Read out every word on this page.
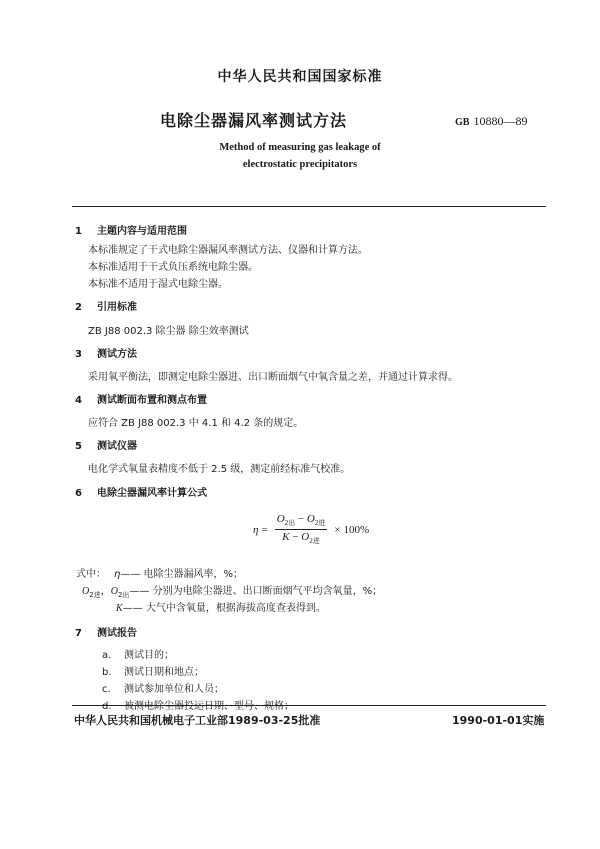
中华人民共和国国家标准
电除尘器漏风率测试方法	GB 10880—89
Method of measuring gas leakage of
electrostatic precipitators
1 主题内容与适用范围
本标准规定了干式电除尘器漏风率测试方法、仪器和计算方法。
本标准适用于干式负压系统电除尘器。
本标准不适用于湿式电除尘器。
2 引用标准
ZB J88 002.3 除尘器 除尘效率测试
3 测试方法
采用氧平衡法，即测定电除尘器进、出口断面烟气中氧含量之差，并通过计算求得。
4 测试断面布置和测点布置
应符合 ZB J88 002.3 中 4.1 和 4.2 条的规定。
5 测试仪器
电化学式氧量表精度不低于 2.5 级，测定前经标准气校准。
6 电除尘器漏风率计算公式
$\eta = \frac{O_{2出} - O_{2进}}{K - O_{2进}} \times 100\%$
式中： η—— 电除尘器漏风率，%；
$O_{2进}$，$O_{2出}——$ 分别为电除尘器进、出口断面烟气平均含氧量，%；
K—— 大气中含氧量，根据海拔高度查表得到。
7 测试报告
a. 测试目的；
b. 测试日期和地点；
c. 测试参加单位和人员；
d. 被测电除尘器投运日期、型号、规格；
中华人民共和国机械电子工业部1989-03-25批准	1990-01-01实施
